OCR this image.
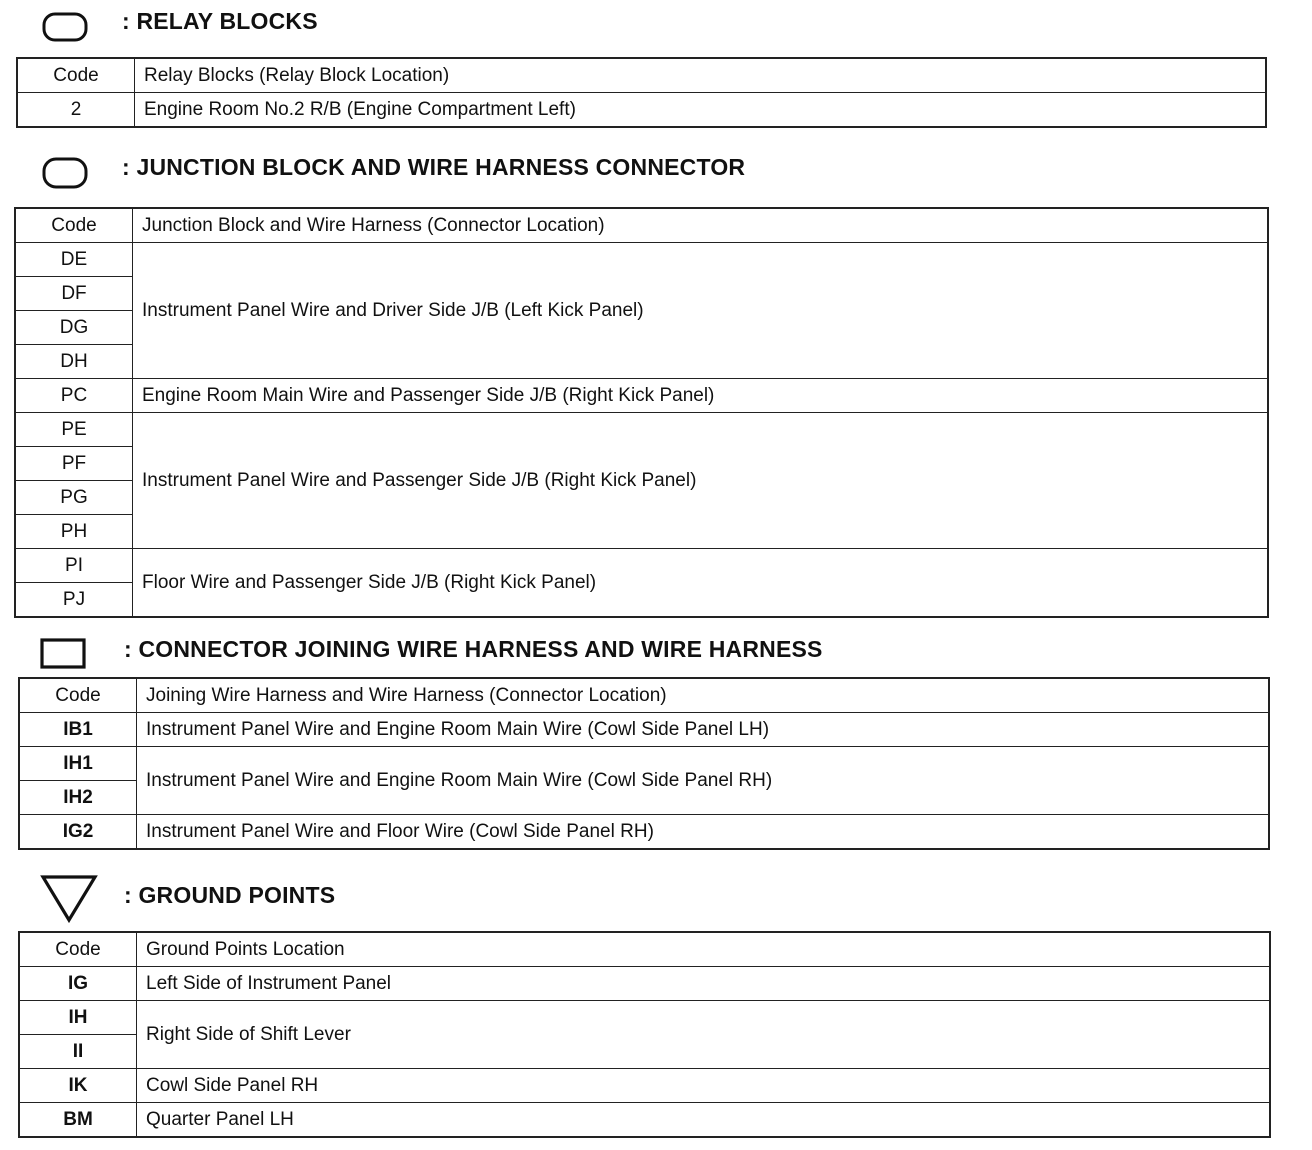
: RELAY BLOCKS
Code	Relay Blocks (Relay Block Location)
2	Engine Room No.2 R/B (Engine Compartment Left)
: JUNCTION BLOCK AND WIRE HARNESS CONNECTOR
Code	Junction Block and Wire Harness (Connector Location)
DE	Instrument Panel Wire and Driver Side J/B (Left Kick Panel)
DF	
DG	
DH	
PC	Engine Room Main Wire and Passenger Side J/B (Right Kick Panel)
PE	Instrument Panel Wire and Passenger Side J/B (Right Kick Panel)
PF	
PG	
PH	
PI	Floor Wire and Passenger Side J/B (Right Kick Panel)
PJ	
: CONNECTOR JOINING WIRE HARNESS AND WIRE HARNESS
Code	Joining Wire Harness and Wire Harness (Connector Location)
IB1	Instrument Panel Wire and Engine Room Main Wire (Cowl Side Panel LH)
IH1	Instrument Panel Wire and Engine Room Main Wire (Cowl Side Panel RH)
IH2	
IG2	Instrument Panel Wire and Floor Wire (Cowl Side Panel RH)
: GROUND POINTS
Code	Ground Points Location
IG	Left Side of Instrument Panel
IH	Right Side of Shift Lever
II	
IK	Cowl Side Panel RH
BM	Quarter Panel LH
